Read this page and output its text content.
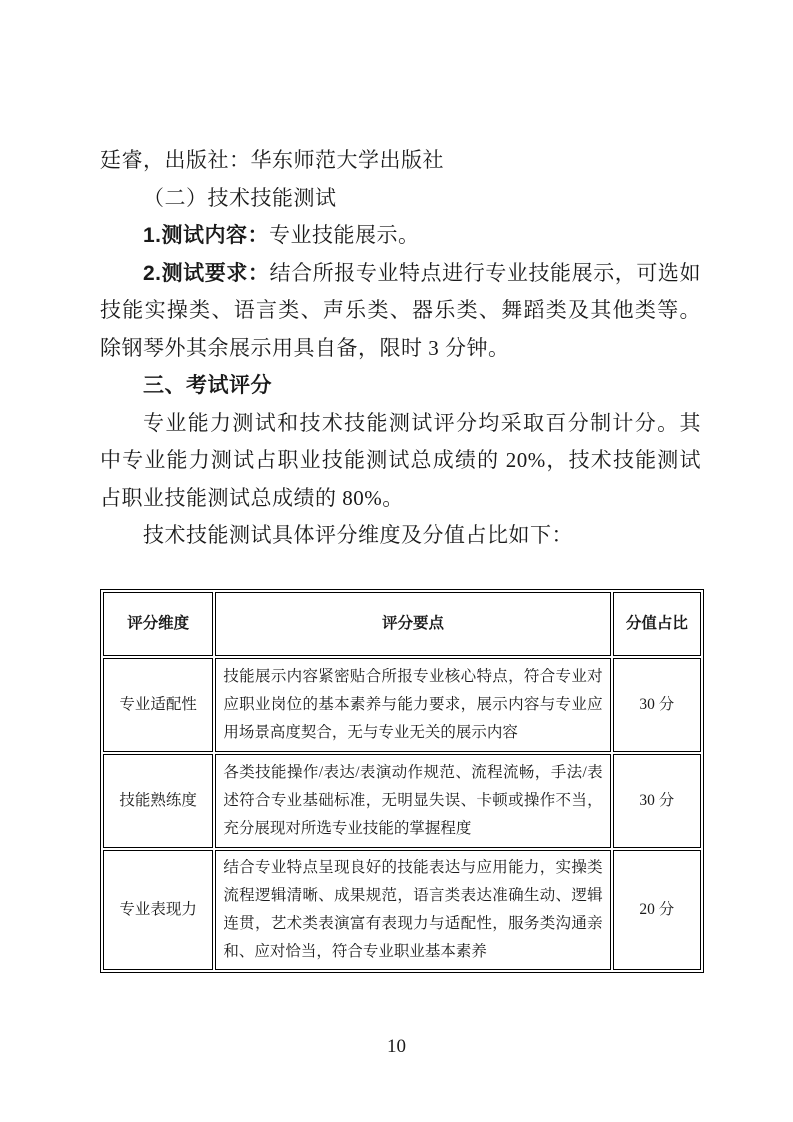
廷睿，出版社：华东师范大学出版社

（二）技术技能测试

1.测试内容：专业技能展示。

2.测试要求：结合所报专业特点进行专业技能展示，可选如技能实操类、语言类、声乐类、器乐类、舞蹈类及其他类等。除钢琴外其余展示用具自备，限时 3 分钟。

三、考试评分

专业能力测试和技术技能测试评分均采取百分制计分。其中专业能力测试占职业技能测试总成绩的 20%，技术技能测试占职业技能测试总成绩的 80%。

技术技能测试具体评分维度及分值占比如下：

评分维度	评分要点	分值占比
专业适配性	技能展示内容紧密贴合所报专业核心特点，符合专业对应职业岗位的基本素养与能力要求，展示内容与专业应用场景高度契合，无与专业无关的展示内容	30 分
技能熟练度	各类技能操作/表达/表演动作规范、流程流畅，手法/表述符合专业基础标准，无明显失误、卡顿或操作不当，充分展现对所选专业技能的掌握程度	30 分
专业表现力	结合专业特点呈现良好的技能表达与应用能力，实操类流程逻辑清晰、成果规范，语言类表达准确生动、逻辑连贯，艺术类表演富有表现力与适配性，服务类沟通亲和、应对恰当，符合专业职业基本素养	20 分
10
